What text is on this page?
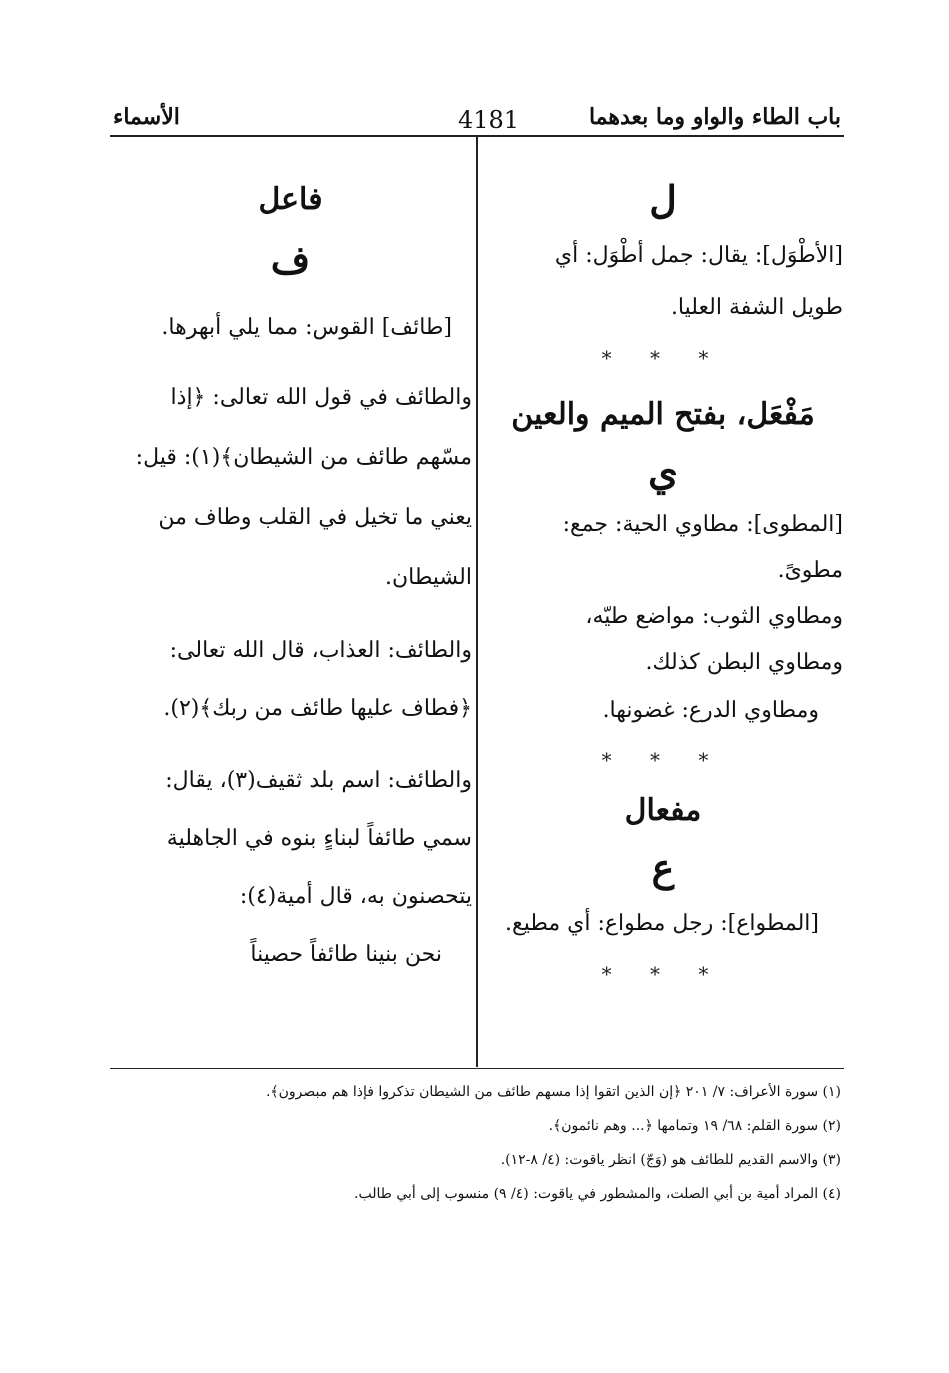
باب الطاء والواو وما بعدهما
4181
الأسماء
ل

[الأطْوَل]: يقال: جمل أطْوَل: أي

طويل الشفة العليا.

* * *
مَفْعَل، بفتح الميم والعين
ي

[المطوى]: مطاوي الحية: جمع:

مطوىً.

ومطاوي الثوب: مواضع طيّه،

ومطاوي البطن كذلك.

ومطاوي الدرع: غضونها.

* * *
مفعال
ع

[المطواع]: رجل مطواع: أي مطيع.

* * *
فاعل
ف

[طائف] القوس: مما يلي أبهرها.

والطائف في قول الله تعالى: ﴿إذا

مسّهم طائف من الشيطان﴾(١): قيل:

يعني ما تخيل في القلب وطاف من

الشيطان.

والطائف: العذاب، قال الله تعالى:

﴿فطاف عليها طائف من ربك﴾(٢).

والطائف: اسم بلد ثقيف(٣)، يقال:

سمي طائفاً لبناءٍ بنوه في الجاهلية

يتحصنون به، قال أمية(٤):

نحن بنينا طائفاً حصيناً

(١) سورة الأعراف: ٧/ ٢٠١ ﴿إن الذين اتقوا إذا مسهم طائف من الشيطان تذكروا فإذا هم مبصرون﴾.
(٢) سورة القلم: ٦٨/ ١٩ وتمامها ﴿... وهم نائمون﴾.
(٣) والاسم القديم للطائف هو (وَجّ) انظر ياقوت: (٤/ ٨-١٢).
(٤) المراد أمية بن أبي الصلت، والمشطور في ياقوت: (٤/ ٩) منسوب إلى أبي طالب.
